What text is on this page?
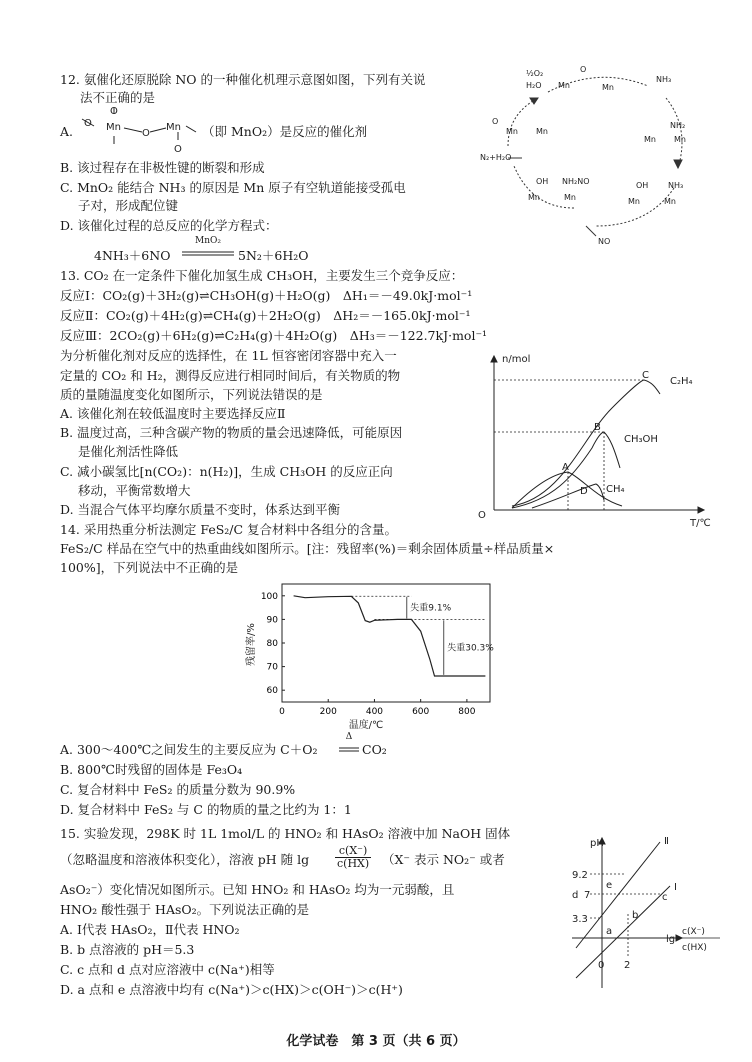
12. 氨催化还原脱除 NO 的一种催化机理示意图如图，下列有关说
法不正确的是
A.
O
Mn
O
O
Mn
O
（即 MnO₂）是反应的催化剂
B. 该过程存在非极性键的断裂和形成
C. MnO₂ 能结合 NH₃ 的原因是 Mn 原子有空轨道能接受孤电
子对，形成配位键
D. 该催化过程的总反应的化学方程式：
4NH₃＋6NO
MnO₂
5N₂＋6H₂O
½O₂
H₂O Mn
O
Mn
NH₃
O
Mn Mn
NH₂
Mn Mn
N₂+H₂O
OH NH₂NO
Mn	Mn
OH NH₃
Mn	Mn
NO
13. CO₂ 在一定条件下催化加氢生成 CH₃OH，主要发生三个竞争反应：
反应Ⅰ：CO₂(g)＋3H₂(g)⇌CH₃OH(g)＋H₂O(g)　ΔH₁＝－49.0kJ·mol⁻¹
反应Ⅱ：CO₂(g)＋4H₂(g)⇌CH₄(g)＋2H₂O(g)　ΔH₂＝－165.0kJ·mol⁻¹
反应Ⅲ：2CO₂(g)＋6H₂(g)⇌C₂H₄(g)＋4H₂O(g)　ΔH₃＝－122.7kJ·mol⁻¹
为分析催化剂对反应的选择性，在 1L 恒容密闭容器中充入一
定量的 CO₂ 和 H₂，测得反应进行相同时间后，有关物质的物
质的量随温度变化如图所示，下列说法错误的是
A. 该催化剂在较低温度时主要选择反应Ⅱ
B. 温度过高，三种含碳产物的物质的量会迅速降低，可能原因
是催化剂活性降低
C. 减小碳氢比[n(CO₂)：n(H₂)]，生成 CH₃OH 的反应正向
移动，平衡常数增大
D. 当混合气体平均摩尔质量不变时，体系达到平衡
n/mol
T/℃
O
C₂H₄
CH₃OH
CH₄
A
B
C
D
14. 采用热重分析法测定 FeS₂/C 复合材料中各组分的含量。
FeS₂/C 样品在空气中的热重曲线如图所示。[注：残留率(%)＝剩余固体质量÷样品质量×
100%]，下列说法中不正确的是
0	200	400	600	800
60
70
80
90
100
残留率/%
温度/℃
失重9.1%
失重30.3%
A. 300～400℃之间发生的主要反应为 C＋O₂
Δ
CO₂
B. 800℃时残留的固体是 Fe₃O₄
C. 复合材料中 FeS₂ 的质量分数为 90.9%
D. 复合材料中 FeS₂ 与 C 的物质的量之比约为 1：1
15. 实验发现，298K 时 1L 1mol/L 的 HNO₂ 和 HAsO₂ 溶液中加 NaOH 固体
（忽略温度和溶液体积变化），溶液 pH 随 $\lg \frac{c(X^-)}{c(HX)} (X^-$ 表示 NO₂⁻ 或者
AsO₂⁻）变化情况如图所示。已知 HNO₂ 和 HAsO₂ 均为一元弱酸，且
HNO₂ 酸性强于 HAsO₂。下列说法正确的是
A. Ⅰ代表 HAsO₂，Ⅱ代表 HNO₂
B. b 点溶液的 pH＝5.3
C. c 点和 d 点对应溶液中 c(Na⁺)相等
D. a 点和 e 点溶液中均有 c(Na⁺)＞c(HX)＞c(OH⁻)＞c(H⁺)
pH	Ⅱ
Ⅰ
9.2
7
3.3
0 2
d
e
a
b
c
lg
c(X⁻)
c(HX)
化学试卷　第 3 页（共 6 页）
